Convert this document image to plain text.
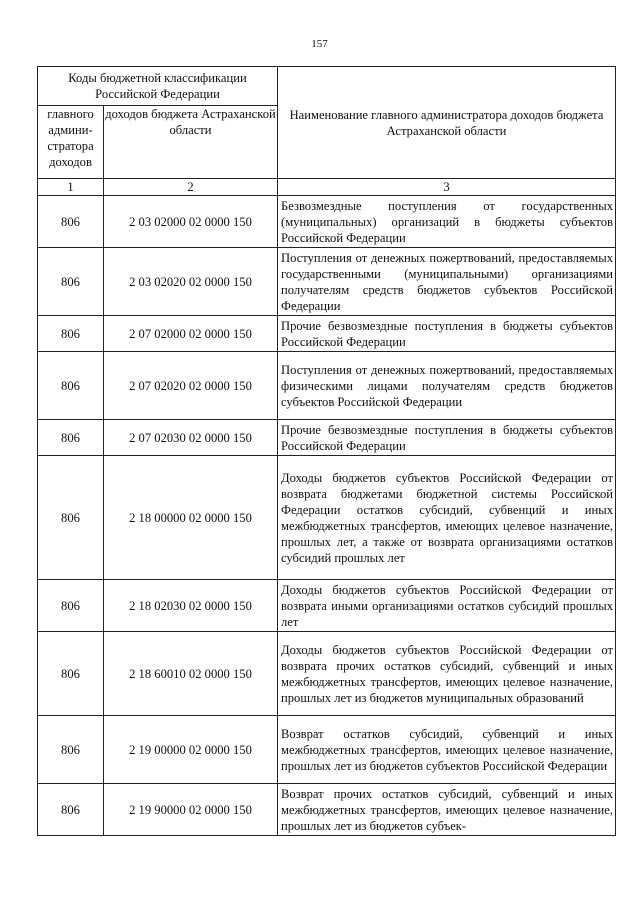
157
Коды бюджетной классификации Российской Федерации		Наименование главного администратора доходов бюджета Астраханской области
главного админи-стратора доходов	доходов бюджета Астраханской области	
1	2	3
806	2 03 02000 02 0000 150	Безвозмездные поступления от государственных (муниципальных) организаций в бюджеты субъектов Российской Федерации
806	2 03 02020 02 0000 150	Поступления от денежных пожертвований, предоставляемых государственными (муниципальными) организациями получателям средств бюджетов субъектов Российской Федерации
806	2 07 02000 02 0000 150	Прочие безвозмездные поступления в бюджеты субъектов Российской Федерации
806	2 07 02020 02 0000 150	Поступления от денежных пожертвований, предоставляемых физическими лицами получателям средств бюджетов субъектов Российской Федерации
806	2 07 02030 02 0000 150	Прочие безвозмездные поступления в бюджеты субъектов Российской Федерации
806	2 18 00000 02 0000 150	Доходы бюджетов субъектов Российской Федерации от возврата бюджетами бюджетной системы Российской Федерации остатков субсидий, субвенций и иных межбюджетных трансфертов, имеющих целевое назначение, прошлых лет, а также от возврата организациями остатков субсидий прошлых лет
806	2 18 02030 02 0000 150	Доходы бюджетов субъектов Российской Федерации от возврата иными организациями остатков субсидий прошлых лет
806	2 18 60010 02 0000 150	Доходы бюджетов субъектов Российской Федерации от возврата прочих остатков субсидий, субвенций и иных межбюджетных трансфертов, имеющих целевое назначение, прошлых лет из бюджетов муниципальных образований
806	2 19 00000 02 0000 150	Возврат остатков субсидий, субвенций и иных межбюджетных трансфертов, имеющих целевое назначение, прошлых лет из бюджетов субъектов Российской Федерации
806	2 19 90000 02 0000 150	Возврат прочих остатков субсидий, субвенций и иных межбюджетных трансфертов, имеющих целевое назначение, прошлых лет из бюджетов субъек-
